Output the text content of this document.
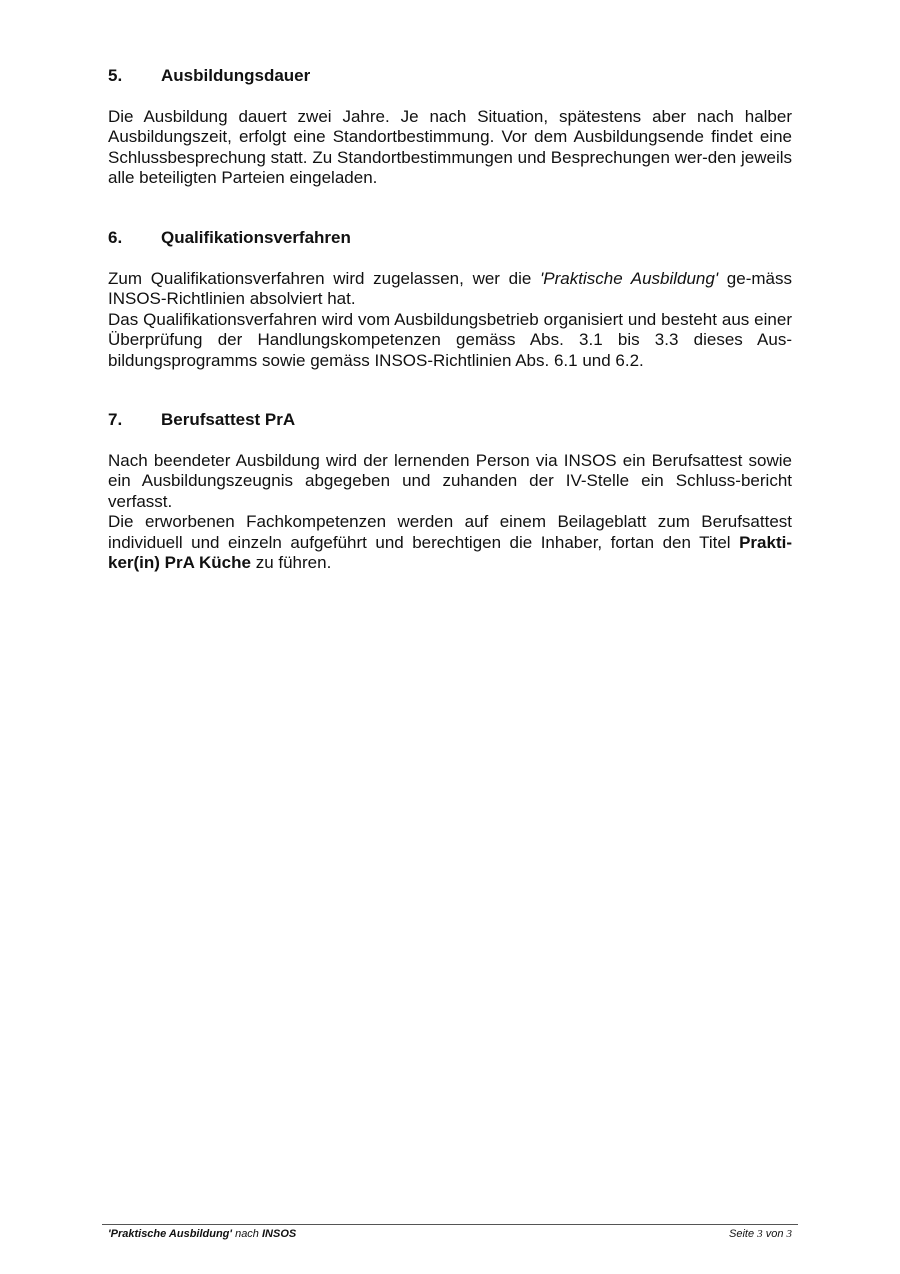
5.	Ausbildungsdauer

Die Ausbildung dauert zwei Jahre. Je nach Situation, spätestens aber nach halber Ausbildungszeit, erfolgt eine Standortbestimmung. Vor dem Ausbildungsende findet eine Schlussbesprechung statt. Zu Standortbestimmungen und Besprechungen wer-den jeweils alle beteiligten Parteien eingeladen.

6.	Qualifikationsverfahren

Zum Qualifikationsverfahren wird zugelassen, wer die 'Praktische Ausbildung' ge-mäss INSOS-Richtlinien absolviert hat.

Das Qualifikationsverfahren wird vom Ausbildungsbetrieb organisiert und besteht aus einer Überprüfung der Handlungskompetenzen gemäss Abs. 3.1 bis 3.3 dieses Aus-bildungsprogramms sowie gemäss INSOS-Richtlinien Abs. 6.1 und 6.2.

7.	Berufsattest PrA

Nach beendeter Ausbildung wird der lernenden Person via INSOS ein Berufsattest sowie ein Ausbildungszeugnis abgegeben und zuhanden der IV-Stelle ein Schluss-bericht verfasst.

Die erworbenen Fachkompetenzen werden auf einem Beilageblatt zum Berufsattest individuell und einzeln aufgeführt und berechtigen die Inhaber, fortan den Titel Prakti-ker(in) PrA Küche zu führen.

'Praktische Ausbildung' nach INSOS	Seite 3 von 3
